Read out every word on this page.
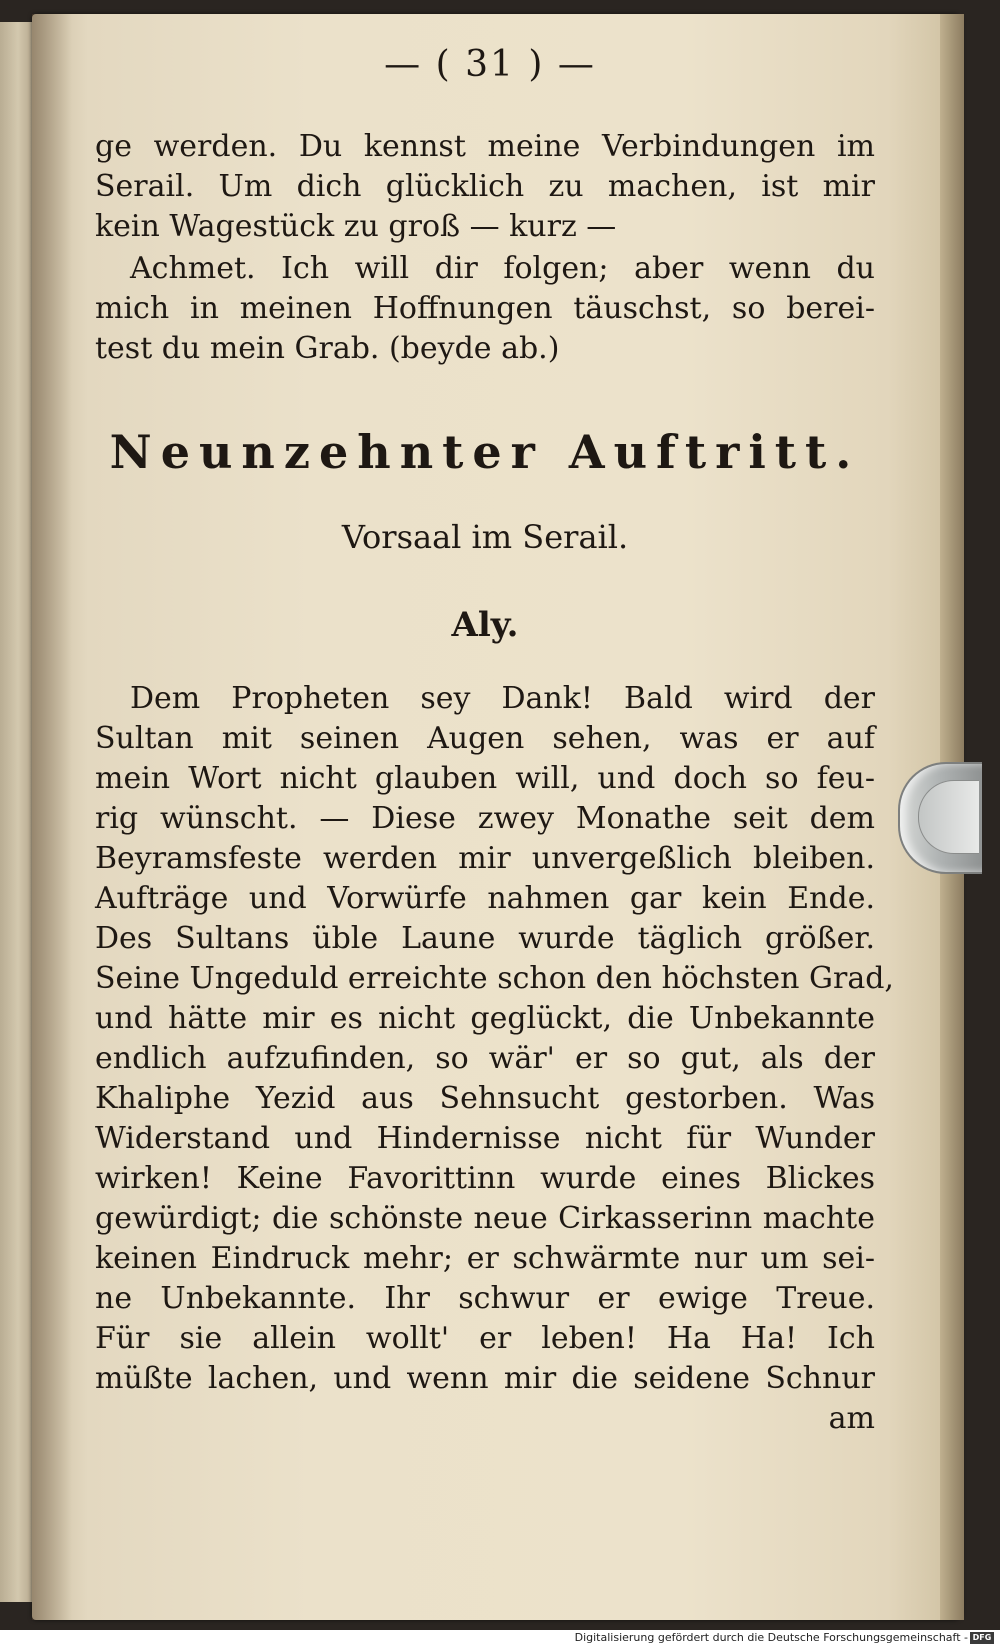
— ( 31 ) —
ge werden. Du kennst meine Verbindungen im
Serail. Um dich glücklich zu machen, ist mir
kein Wagestück zu groß — kurz —
Achmet. Ich will dir folgen; aber wenn du
mich in meinen Hoffnungen täuschst, so berei-
test du mein Grab. (beyde ab.)
Neunzehnter Auftritt.
Vorsaal im Serail.
Aly.
Dem Propheten sey Dank! Bald wird der
Sultan mit seinen Augen sehen, was er auf
mein Wort nicht glauben will, und doch so feu-
rig wünscht. — Diese zwey Monathe seit dem
Beyramsfeste werden mir unvergeßlich bleiben.
Aufträge und Vorwürfe nahmen gar kein Ende.
Des Sultans üble Laune wurde täglich größer.
Seine Ungeduld erreichte schon den höchsten Grad,
und hätte mir es nicht geglückt, die Unbekannte
endlich aufzufinden, so wär' er so gut, als der
Khaliphe Yezid aus Sehnsucht gestorben. Was
Widerstand und Hindernisse nicht für Wunder
wirken! Keine Favorittinn wurde eines Blickes
gewürdigt; die schönste neue Cirkasserinn machte
keinen Eindruck mehr; er schwärmte nur um sei-
ne Unbekannte. Ihr schwur er ewige Treue.
Für sie allein wollt' er leben! Ha Ha! Ich
müßte lachen, und wenn mir die seidene Schnur
am
Digitalisierung gefördert durch die Deutsche Forschungsgemeinschaft - DFG
